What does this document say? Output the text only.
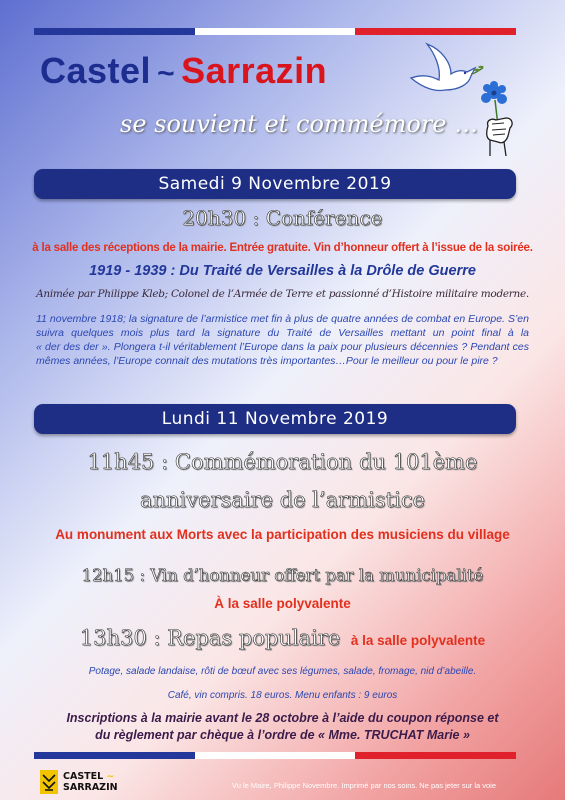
Castel ~ Sarrazin
se souvient et commémore …
Samedi 9 Novembre 2019
20h30 : Conférence
à la salle des réceptions de la mairie. Entrée gratuite. Vin d’honneur offert à l’issue de la soirée.
1919 - 1939 : Du Traité de Versailles à la Drôle de Guerre
Animée par Philippe Kleb; Colonel de l’Armée de Terre et passionné d’Histoire militaire moderne.
11 novembre 1918; la signature de l’armistice met fin à plus de quatre années de combat en Europe. S’en
suivra quelques mois plus tard la signature du Traité de Versailles mettant un point final à la
« der des der ». Plongera t-il véritablement l’Europe dans la paix pour plusieurs décennies ? Pendant ces
mêmes années, l’Europe connait des mutations très importantes…Pour le meilleur ou pour le pire ?
Lundi 11 Novembre 2019
11h45 : Commémoration du 101ème
anniversaire de l’armistice
Au monument aux Morts avec la participation des musiciens du village
12h15 : Vin d’honneur offert par la municipalité
À la salle polyvalente
13h30 : Repas populaire à la salle polyvalente
Potage, salade landaise, rôti de bœuf avec ses légumes, salade, fromage, nid d’abeille.
Café, vin compris. 18 euros. Menu enfants : 9 euros
Inscriptions à la mairie avant le 28 octobre à l’aide du coupon réponse et
du règlement par chèque à l’ordre de « Mme. TRUCHAT Marie »
CASTEL ~
SARRAZIN	Vu le Maire, Philippe Novembre. Imprimé par nos soins. Ne pas jeter sur la voie
